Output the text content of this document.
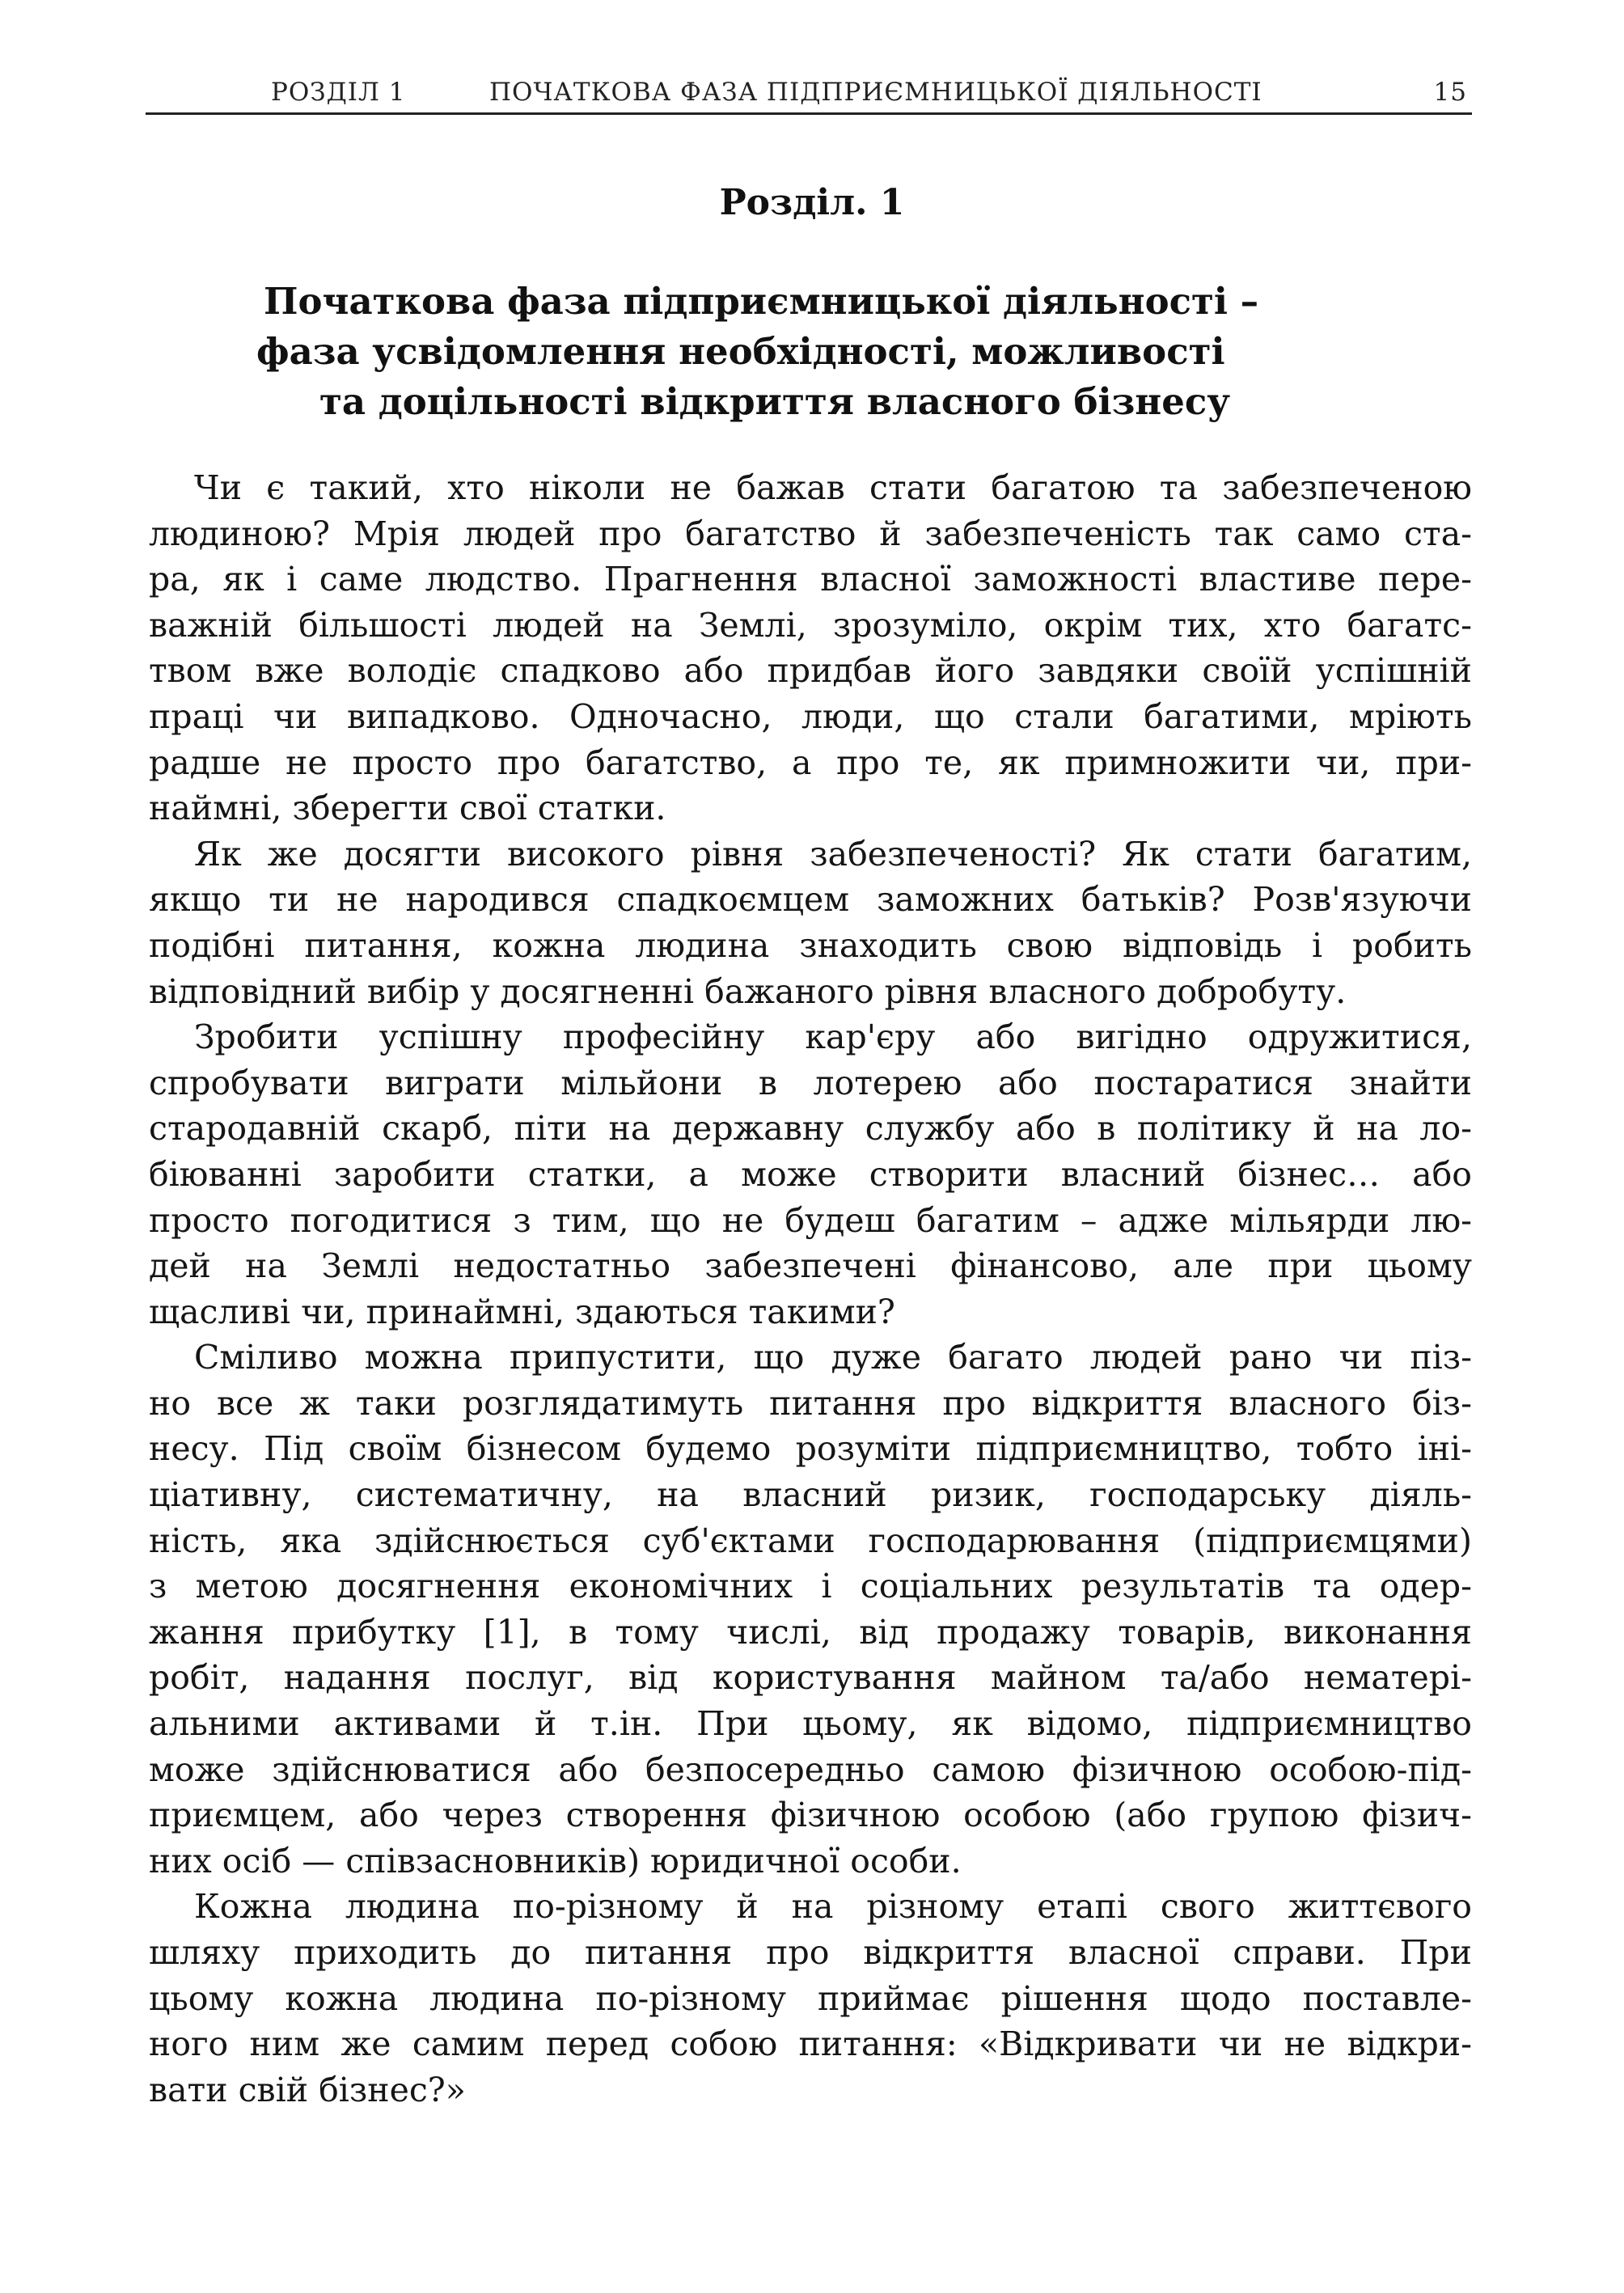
РОЗДІЛ 1	ПОЧАТКОВА ФАЗА ПІДПРИЄМНИЦЬКОЇ ДІЯЛЬНОСТІ	15
Розділ. 1
Початкова фаза підприємницької діяльності –
фаза усвідомлення необхідності, можливості
та доцільності відкриття власного бізнесу
Чи є такий, хто ніколи не бажав стати багатою та забезпеченою
людиною? Мрія людей про багатство й забезпеченість так само ста-
ра, як і саме людство. Прагнення власної заможності властиве пере-
важній більшості людей на Землі, зрозуміло, окрім тих, хто багатс-
твом вже володіє спадково або придбав його завдяки своїй успішній
праці чи випадково. Одночасно, люди, що стали багатими, мріють
радше не просто про багатство, а про те, як примножити чи, при-
наймні, зберегти свої статки.
Як же досягти високого рівня забезпеченості? Як стати багатим,
якщо ти не народився спадкоємцем заможних батьків? Розв'язуючи
подібні питання, кожна людина знаходить свою відповідь і робить
відповідний вибір у досягненні бажаного рівня власного добробуту.
Зробити успішну професійну кар'єру або вигідно одружитися,
спробувати виграти мільйони в лотерею або постаратися знайти
стародавній скарб, піти на державну службу або в політику й на ло-
біюванні заробити статки, а може створити власний бізнес… або
просто погодитися з тим, що не будеш багатим – адже мільярди лю-
дей на Землі недостатньо забезпечені фінансово, але при цьому
щасливі чи, принаймні, здаються такими?
Сміливо можна припустити, що дуже багато людей рано чи піз-
но все ж таки розглядатимуть питання про відкриття власного біз-
несу. Під своїм бізнесом будемо розуміти підприємництво, тобто іні-
ціативну, систематичну, на власний ризик, господарську діяль-
ність, яка здійснюється суб'єктами господарювання (підприємцями)
з метою досягнення економічних і соціальних результатів та одер-
жання прибутку [1], в тому числі, від продажу товарів, виконання
робіт, надання послуг, від користування майном та/або нематері-
альними активами й т.ін. При цьому, як відомо, підприємництво
може здійснюватися або безпосередньо самою фізичною особою-під-
приємцем, або через створення фізичною особою (або групою фізич-
них осіб — співзасновників) юридичної особи.
Кожна людина по-різному й на різному етапі свого життєвого
шляху приходить до питання про відкриття власної справи. При
цьому кожна людина по-різному приймає рішення щодо поставле-
ного ним же самим перед собою питання: «Відкривати чи не відкри-
вати свій бізнес?»
